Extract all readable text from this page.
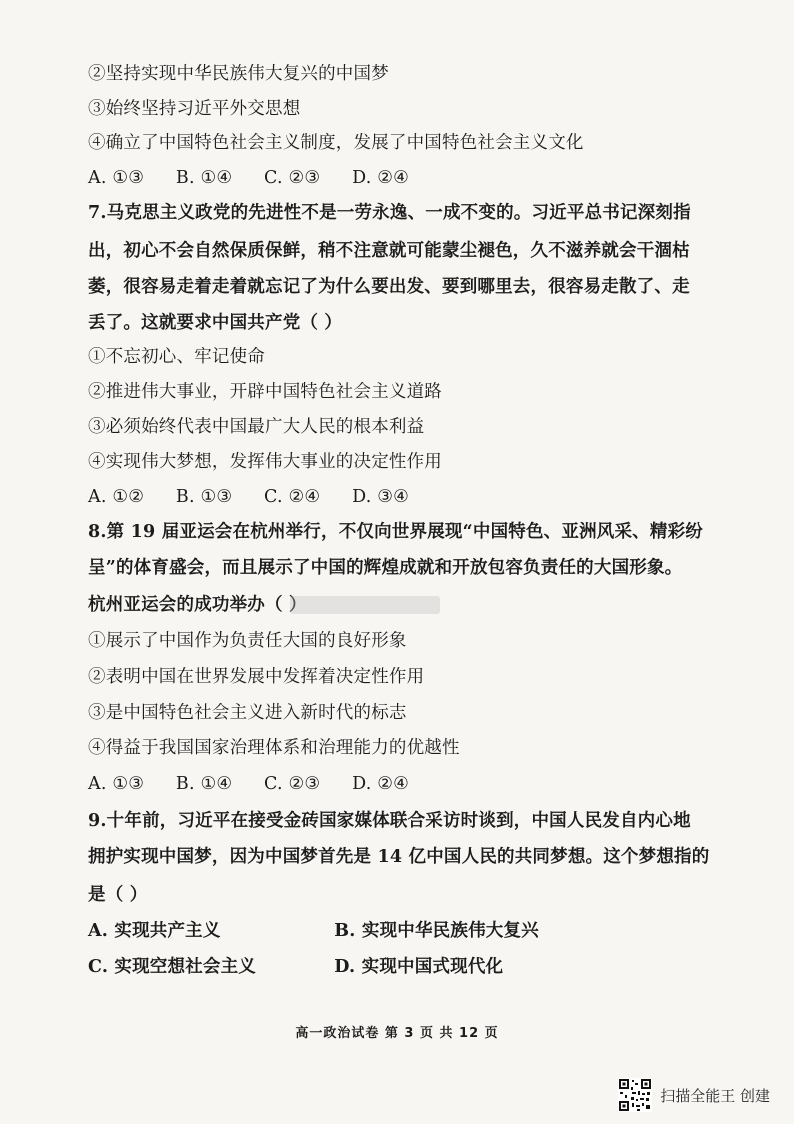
②坚持实现中华民族伟大复兴的中国梦
③始终坚持习近平外交思想
④确立了中国特色社会主义制度，发展了中国特色社会主义文化
A. ①③ B. ①④ C. ②③ D. ②④
7.马克思主义政党的先进性不是一劳永逸、一成不变的。习近平总书记深刻指
出，初心不会自然保质保鲜，稍不注意就可能蒙尘褪色，久不滋养就会干涸枯
萎，很容易走着走着就忘记了为什么要出发、要到哪里去，很容易走散了、走
丢了。这就要求中国共产党（ ）
①不忘初心、牢记使命
②推进伟大事业，开辟中国特色社会主义道路
③必须始终代表中国最广大人民的根本利益
④实现伟大梦想，发挥伟大事业的决定性作用
A. ①② B. ①③ C. ②④ D. ③④
8.第 19 届亚运会在杭州举行，不仅向世界展现“中国特色、亚洲风采、精彩纷
呈”的体育盛会，而且展示了中国的辉煌成就和开放包容负责任的大国形象。
杭州亚运会的成功举办（ ）
①展示了中国作为负责任大国的良好形象
②表明中国在世界发展中发挥着决定性作用
③是中国特色社会主义进入新时代的标志
④得益于我国国家治理体系和治理能力的优越性
A. ①③ B. ①④ C. ②③ D. ②④
9.十年前，习近平在接受金砖国家媒体联合采访时谈到，中国人民发自内心地
拥护实现中国梦，因为中国梦首先是 14 亿中国人民的共同梦想。这个梦想指的
是（ ）
A. 实现共产主义	B. 实现中华民族伟大复兴
C. 实现空想社会主义	D. 实现中国式现代化
高一政治试卷 第 3 页 共 12 页
扫描全能王 创建
